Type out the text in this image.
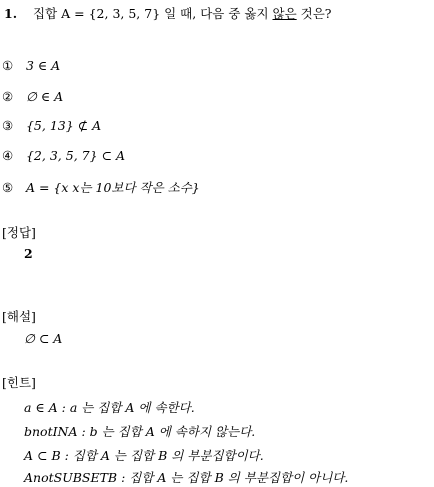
1. 집합 A = {2, 3, 5, 7} 일 때, 다음 중 옳지 않은 것은?
① 3 ∈ A
② ∅ ∈ A
③ {5, 13} ⊄ A
④ {2, 3, 5, 7} ⊂ A
⑤ A = {x x는 10보다 작은 소수}
[정답]
2
[해설]
∅ ⊂ A
[힌트]
a ∈ A : a 는 집합 A 에 속한다.
bnotINA : b 는 집합 A 에 속하지 않는다.
A ⊂ B : 집합 A 는 집합 B 의 부분집합이다.
AnotSUBSETB : 집합 A 는 집합 B 의 부분집합이 아니다.
